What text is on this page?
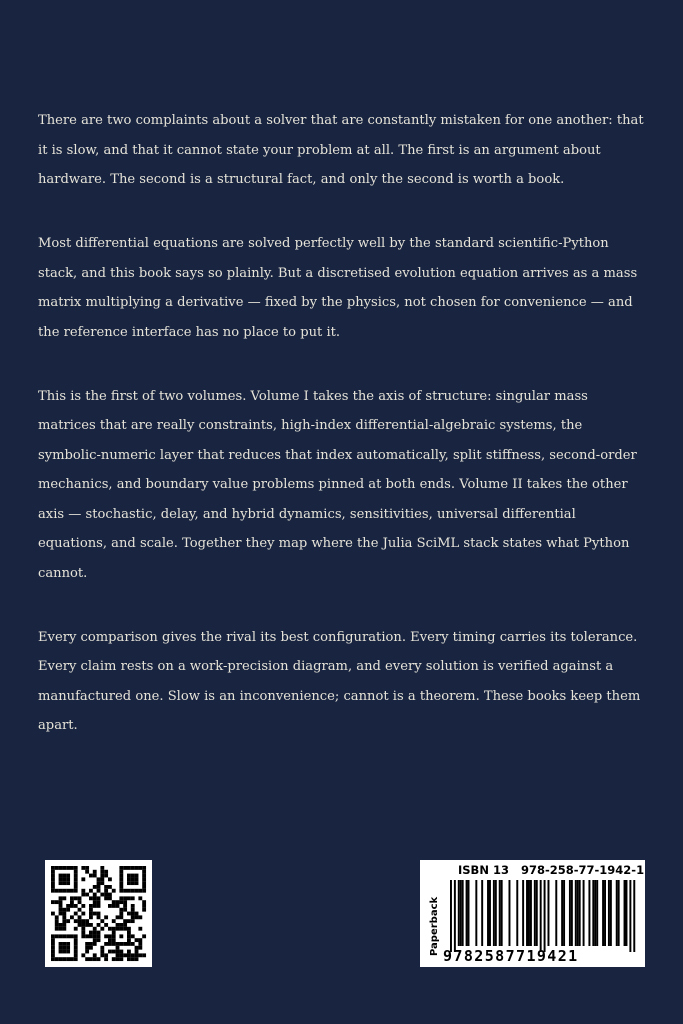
There are two complaints about a solver that are constantly mistaken for one another: that it is slow, and that it cannot state your problem at all. The first is an argument about hardware. The second is a structural fact, and only the second is worth a book.

Most differential equations are solved perfectly well by the standard scientific-Python stack, and this book says so plainly. But a discretised evolution equation arrives as a mass matrix multiplying a derivative — fixed by the physics, not chosen for convenience — and the reference interface has no place to put it.

This is the first of two volumes. Volume I takes the axis of structure: singular mass matrices that are really constraints, high-index differential-algebraic systems, the symbolic-numeric layer that reduces that index automatically, split stiffness, second-order mechanics, and boundary value problems pinned at both ends. Volume II takes the other axis — stochastic, delay, and hybrid dynamics, sensitivities, universal differential equations, and scale. Together they map where the Julia SciML stack states what Python cannot.

Every comparison gives the rival its best configuration. Every timing carries its tolerance. Every claim rests on a work-precision diagram, and every solution is verified against a manufactured one. Slow is an inconvenience; cannot is a theorem. These books keep them apart.

ISBN 13 978-258-77-1942-1
Paperback 9782587719421
